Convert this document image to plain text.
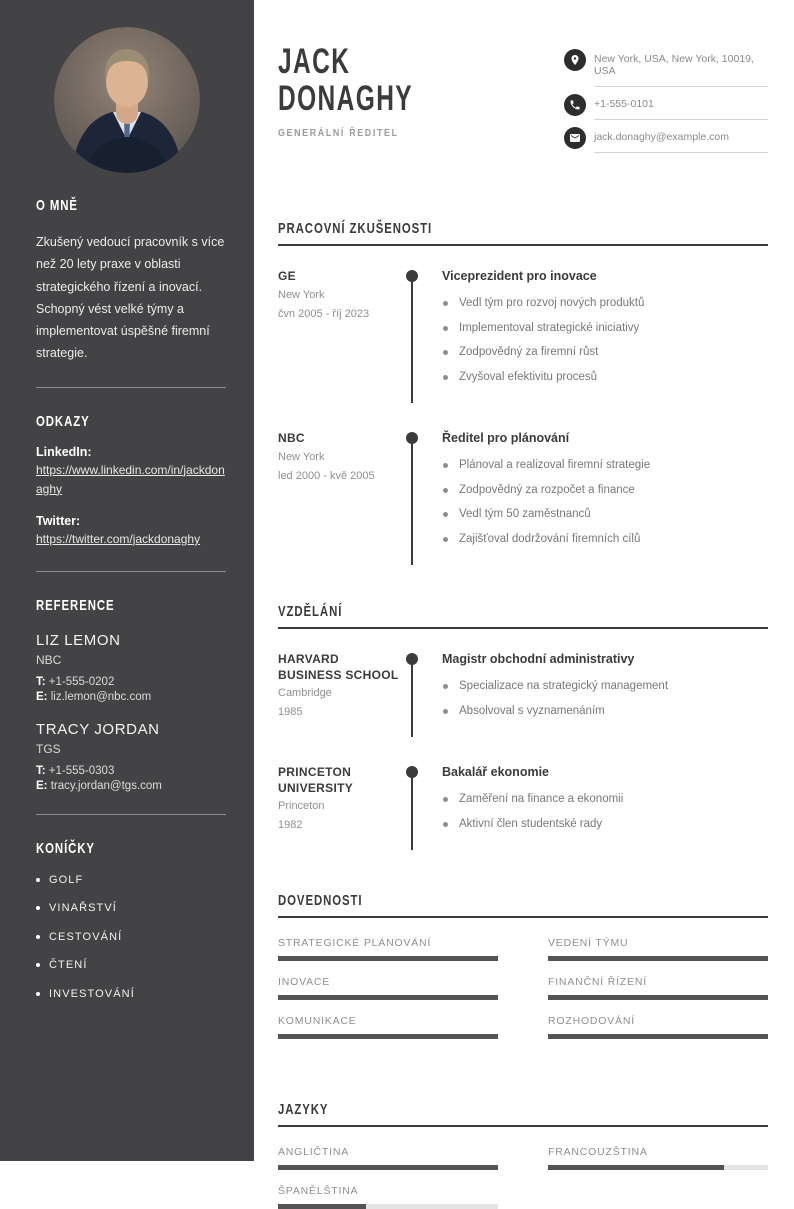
O MNĚ

Zkušený vedoucí pracovník s více než 20 lety praxe v oblasti strategického řízení a inovací. Schopný vést velké týmy a implementovat úspěšné firemní strategie.

ODKAZY
LinkedIn:
https://www.linkedin.com/in/jackdonaghy
Twitter:
https://twitter.com/jackdonaghy
REFERENCE
LIZ LEMON
NBC
T: +1-555-0202
E: liz.lemon@nbc.com
TRACY JORDAN
TGS
T: +1-555-0303
E: tracy.jordan@tgs.com
KONÍČKY
GOLF
VINAŘSTVÍ
CESTOVÁNÍ
ČTENÍ
INVESTOVÁNÍ
JACK
DONAGHY
GENERÁLNÍ ŘEDITEL
New York, USA, New York, 10019, USA
+1-555-0101
jack.donaghy@example.com
PRACOVNÍ ZKUŠENOSTI
GE
New York
čvn 2005 - říj 2023
Viceprezident pro inovace
Vedl tým pro rozvoj nových produktů
Implementoval strategické iniciativy
Zodpovědný za firemní růst
Zvyšoval efektivitu procesů
NBC
New York
led 2000 - kvě 2005
Ředitel pro plánování
Plánoval a realizoval firemní strategie
Zodpovědný za rozpočet a finance
Vedl tým 50 zaměstnanců
Zajišťoval dodržování firemních cílů
VZDĚLÁNÍ
HARVARD BUSINESS SCHOOL
Cambridge
1985
Magistr obchodní administrativy
Specializace na strategický management
Absolvoval s vyznamenáním
PRINCETON UNIVERSITY
Princeton
1982
Bakalář ekonomie
Zaměření na finance a ekonomii
Aktivní člen studentské rady
DOVEDNOSTI
STRATEGICKÉ PLÁNOVÁNÍ	VEDENÍ TÝMU
INOVACE	FINANČNÍ ŘÍZENÍ
KOMUNIKACE	ROZHODOVÁNÍ
JAZYKY
ANGLIČTINA	FRANCOUZŠTINA
ŠPANĚLŠTINA
